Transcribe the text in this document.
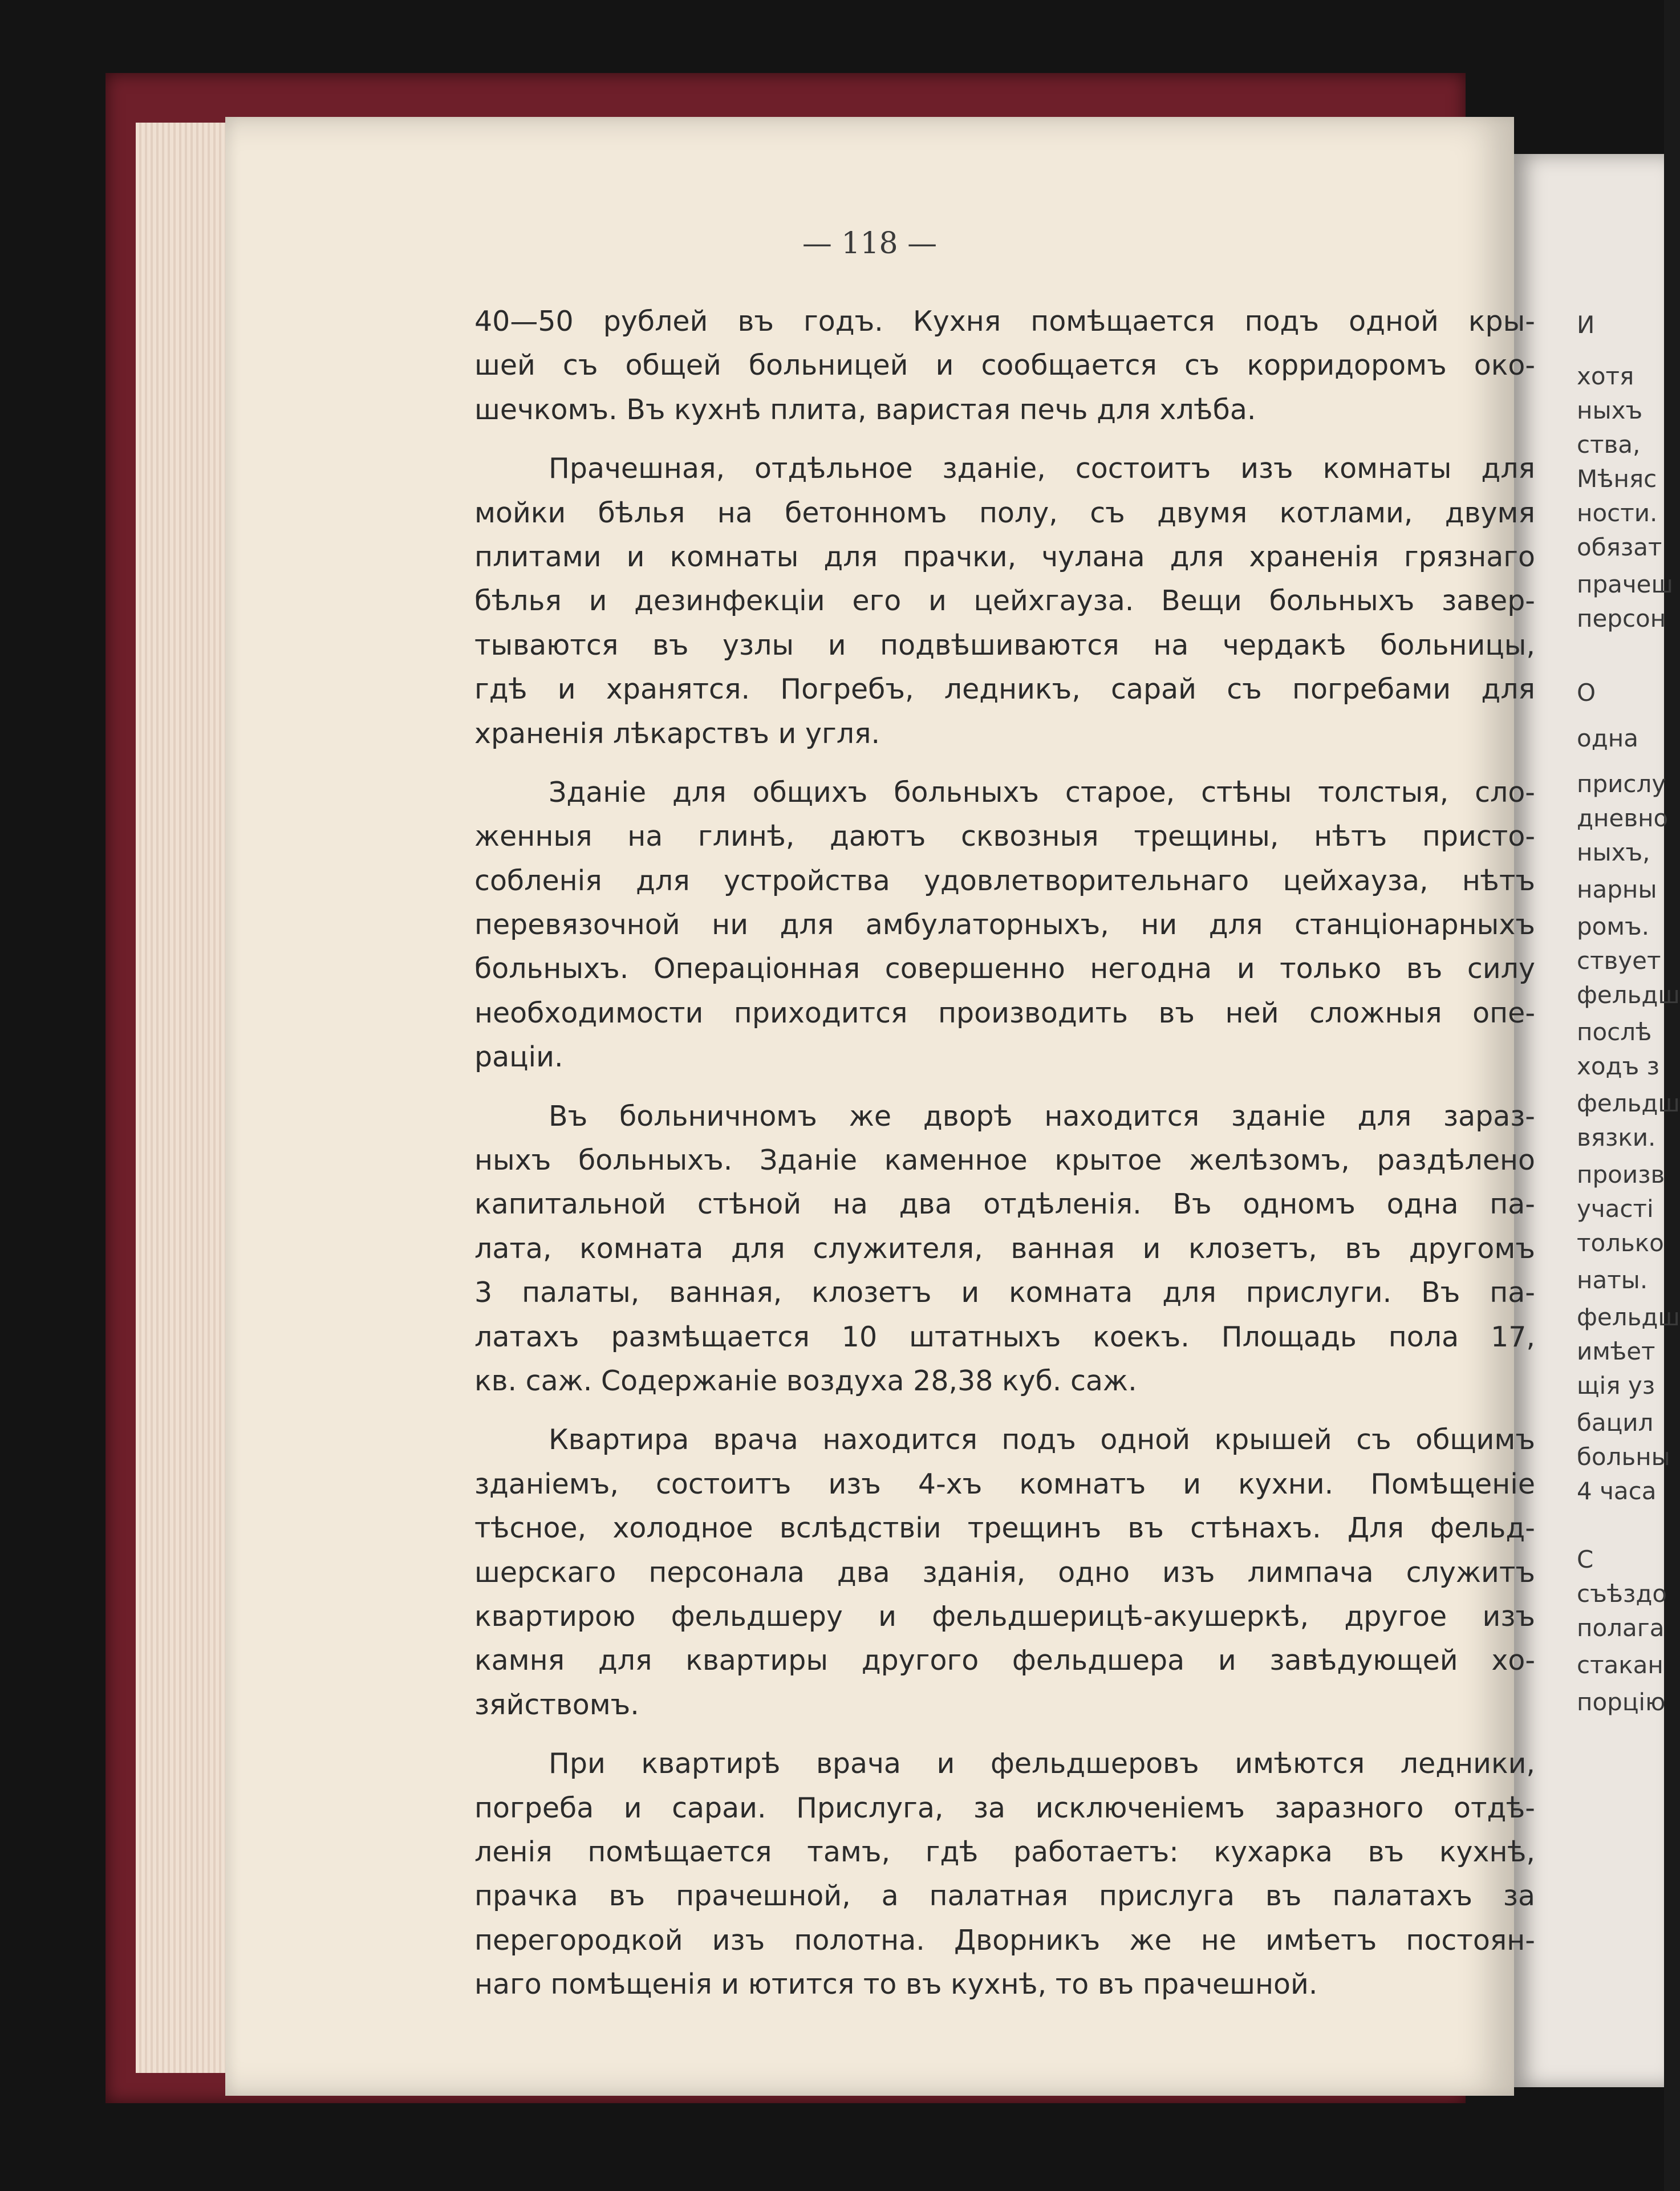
И
хотя
ныхъ
ства,
Мѣняс
ности.
обязат
прачеш
персон
О
одна
прислу
дневно
ныхъ,
нарны
ромъ.
ствует
фельдш
послѣ
ходъ з
фельдш
вязки.
произв
участі
только
наты.
фельдш
имѣет
щія уз
бацил
больны
4 часа
С
съѣздо
полага
стакан
порцію
— 118 —
40—50 рублей въ годъ. Кухня помѣщается подъ одной кры-
шей съ общей больницей и сообщается съ корридоромъ око-
шечкомъ. Въ кухнѣ плита, варистая печь для хлѣба.
Прачешная, отдѣльное зданіе, состоитъ изъ комнаты для
мойки бѣлья на бетонномъ полу, съ двумя котлами, двумя
плитами и комнаты для прачки, чулана для храненія грязнаго
бѣлья и дезинфекціи его и цейхгауза. Вещи больныхъ завер-
тываются въ узлы и подвѣшиваются на чердакѣ больницы,
гдѣ и хранятся. Погребъ, ледникъ, сарай съ погребами для
храненія лѣкарствъ и угля.
Зданіе для общихъ больныхъ старое, стѣны толстыя, сло-
женныя на глинѣ, даютъ сквозныя трещины, нѣтъ присто-
собленія для устройства удовлетворительнаго цейхауза, нѣтъ
перевязочной ни для амбулаторныхъ, ни для станціонарныхъ
больныхъ. Операціонная совершенно негодна и только въ силу
необходимости приходится производить въ ней сложныя опе-
раціи.
Въ больничномъ же дворѣ находится зданіе для зараз-
ныхъ больныхъ. Зданіе каменное крытое желѣзомъ, раздѣлено
капитальной стѣной на два отдѣленія. Въ одномъ одна па-
лата, комната для служителя, ванная и клозетъ, въ другомъ
3 палаты, ванная, клозетъ и комната для прислуги. Въ па-
латахъ размѣщается 10 штатныхъ коекъ. Площадь пола 17,
кв. саж. Содержаніе воздуха 28,38 куб. саж.
Квартира врача находится подъ одной крышей съ общимъ
зданіемъ, состоитъ изъ 4-хъ комнатъ и кухни. Помѣщеніе
тѣсное, холодное вслѣдствіи трещинъ въ стѣнахъ. Для фельд-
шерскаго персонала два зданія, одно изъ лимпача служитъ
квартирою фельдшеру и фельдшерицѣ-акушеркѣ, другое изъ
камня для квартиры другого фельдшера и завѣдующей хо-
зяйствомъ.
При квартирѣ врача и фельдшеровъ имѣются ледники,
погреба и сараи. Прислуга, за исключеніемъ заразного отдѣ-
ленія помѣщается тамъ, гдѣ работаетъ: кухарка въ кухнѣ,
прачка въ прачешной, а палатная прислуга въ палатахъ за
перегородкой изъ полотна. Дворникъ же не имѣетъ постоян-
наго помѣщенія и ютится то въ кухнѣ, то въ прачешной.
